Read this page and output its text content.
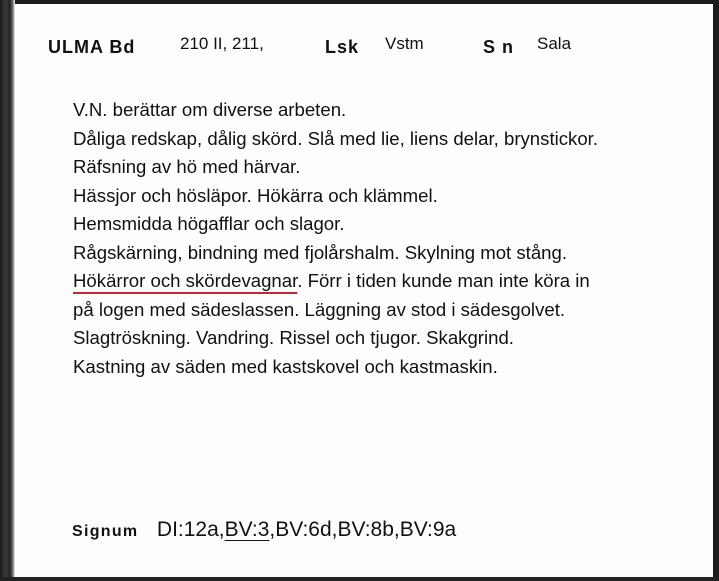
ULMA Bd	210 II, 211,	Lsk Vstm	S n Sala
V.N. berättar om diverse arbeten.
Dåliga redskap, dålig skörd. Slå med lie, liens delar, brynstickor.
Räfsning av hö med härvar.
Hässjor och hösläpor. Hökärra och klämmel.
Hemsmidda högafflar och slagor.
Rågskärning, bindning med fjolårshalm. Skylning mot stång.
Hökärror och skördevagnar. Förr i tiden kunde man inte köra in
på logen med sädeslassen. Läggning av stod i sädesgolvet.
Slagtröskning. Vandring. Rissel och tjugor. Skakgrind.
Kastning av säden med kastskovel och kastmaskin.
Signum DI:12a,BV:3,BV:6d,BV:8b,BV:9a
